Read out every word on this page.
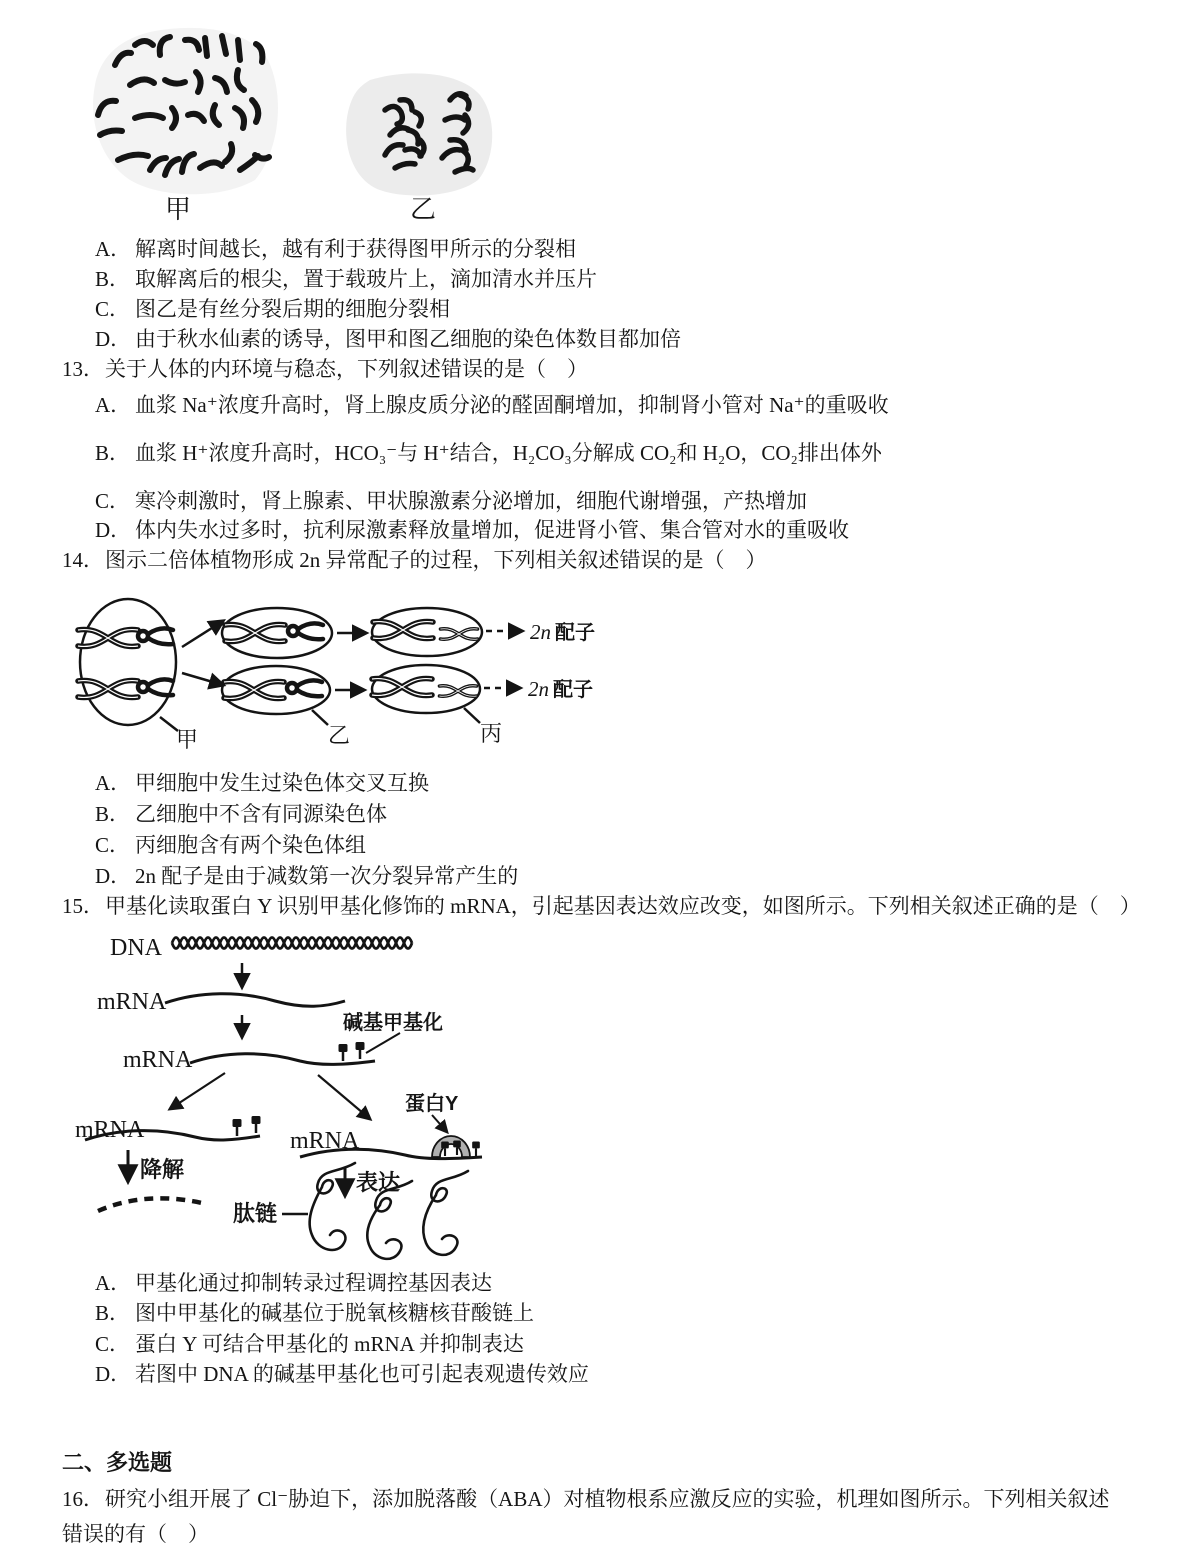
甲	乙
A． 解离时间越长，越有利于获得图甲所示的分裂相
B． 取解离后的根尖，置于载玻片上，滴加清水并压片
C． 图乙是有丝分裂后期的细胞分裂相
D． 由于秋水仙素的诱导，图甲和图乙细胞的染色体数目都加倍
13．关于人体的内环境与稳态，下列叙述错误的是（　）
A． 血浆 Na⁺浓度升高时，肾上腺皮质分泌的醛固酮增加，抑制肾小管对 Na⁺的重吸收
B． 血浆 H⁺浓度升高时，HCO₃⁻与 H⁺结合，H₂CO₃分解成 CO₂和 H₂O，CO₂排出体外
C． 寒冷刺激时，肾上腺素、甲状腺激素分泌增加，细胞代谢增强，产热增加
D． 体内失水过多时，抗利尿激素释放量增加，促进肾小管、集合管对水的重吸收
14．图示二倍体植物形成 2n 异常配子的过程，下列相关叙述错误的是（　）
甲	乙	丙
2n 配子
2n 配子
A． 甲细胞中发生过染色体交叉互换
B． 乙细胞中不含有同源染色体
C． 丙细胞含有两个染色体组
D． 2n 配子是由于减数第一次分裂异常产生的
15．甲基化读取蛋白 Y 识别甲基化修饰的 mRNA，引起基因表达效应改变，如图所示。下列相关叙述正确的是（　）
DNA
mRNA
碱基甲基化
mRNA
mRNA
降解
mRNA
蛋白Y
表达
肽链
A． 甲基化通过抑制转录过程调控基因表达
B． 图中甲基化的碱基位于脱氧核糖核苷酸链上
C． 蛋白 Y 可结合甲基化的 mRNA 并抑制表达
D． 若图中 DNA 的碱基甲基化也可引起表观遗传效应
二、多选题
16．研究小组开展了 Cl⁻胁迫下，添加脱落酸（ABA）对植物根系应激反应的实验，机理如图所示。下列相关叙述
错误的有（　）
